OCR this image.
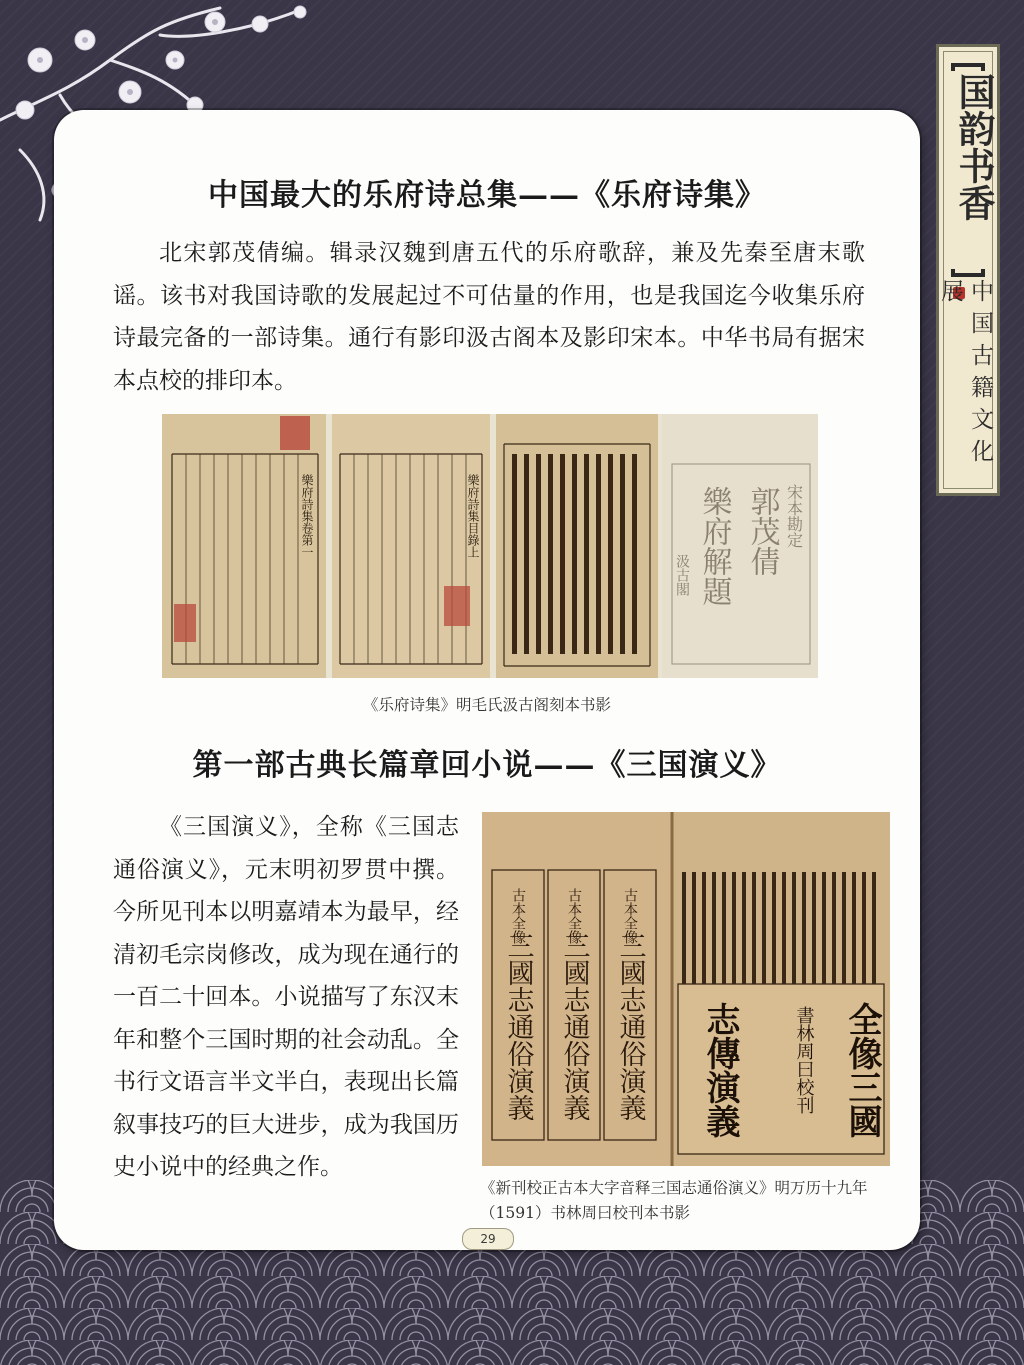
国韵书香
中国古籍文化展
中国最大的乐府诗总集——《乐府诗集》

北宋郭茂倩编。辑录汉魏到唐五代的乐府歌辞，兼及先秦至唐末歌谣。该书对我国诗歌的发展起过不可估量的作用，也是我国迄今收集乐府诗最完备的一部诗集。通行有影印汲古阁本及影印宋本。中华书局有据宋本点校的排印本。

樂府詩集卷第一	樂府詩集目錄上	宋本勘定
郭茂倩
樂府解題
汲古閣

《乐府诗集》明毛氏汲古阁刻本书影

第一部古典长篇章回小说——《三国演义》

《三国演义》，全称《三国志通俗演义》，元末明初罗贯中撰。今所见刊本以明嘉靖本为最早，经清初毛宗岗修改，成为现在通行的一百二十回本。小说描写了东汉末年和整个三国时期的社会动乱。全书行文语言半文半白，表现出长篇叙事技巧的巨大进步，成为我国历史小说中的经典之作。

古本全像
三國志通俗演義
古本全像
三國志通俗演義
古本全像
三國志通俗演義	全像三國
書林周曰校刊
志傳演義

《新刊校正古本大字音释三国志通俗演义》明万历十九年（1591）书林周曰校刊本书影

29
